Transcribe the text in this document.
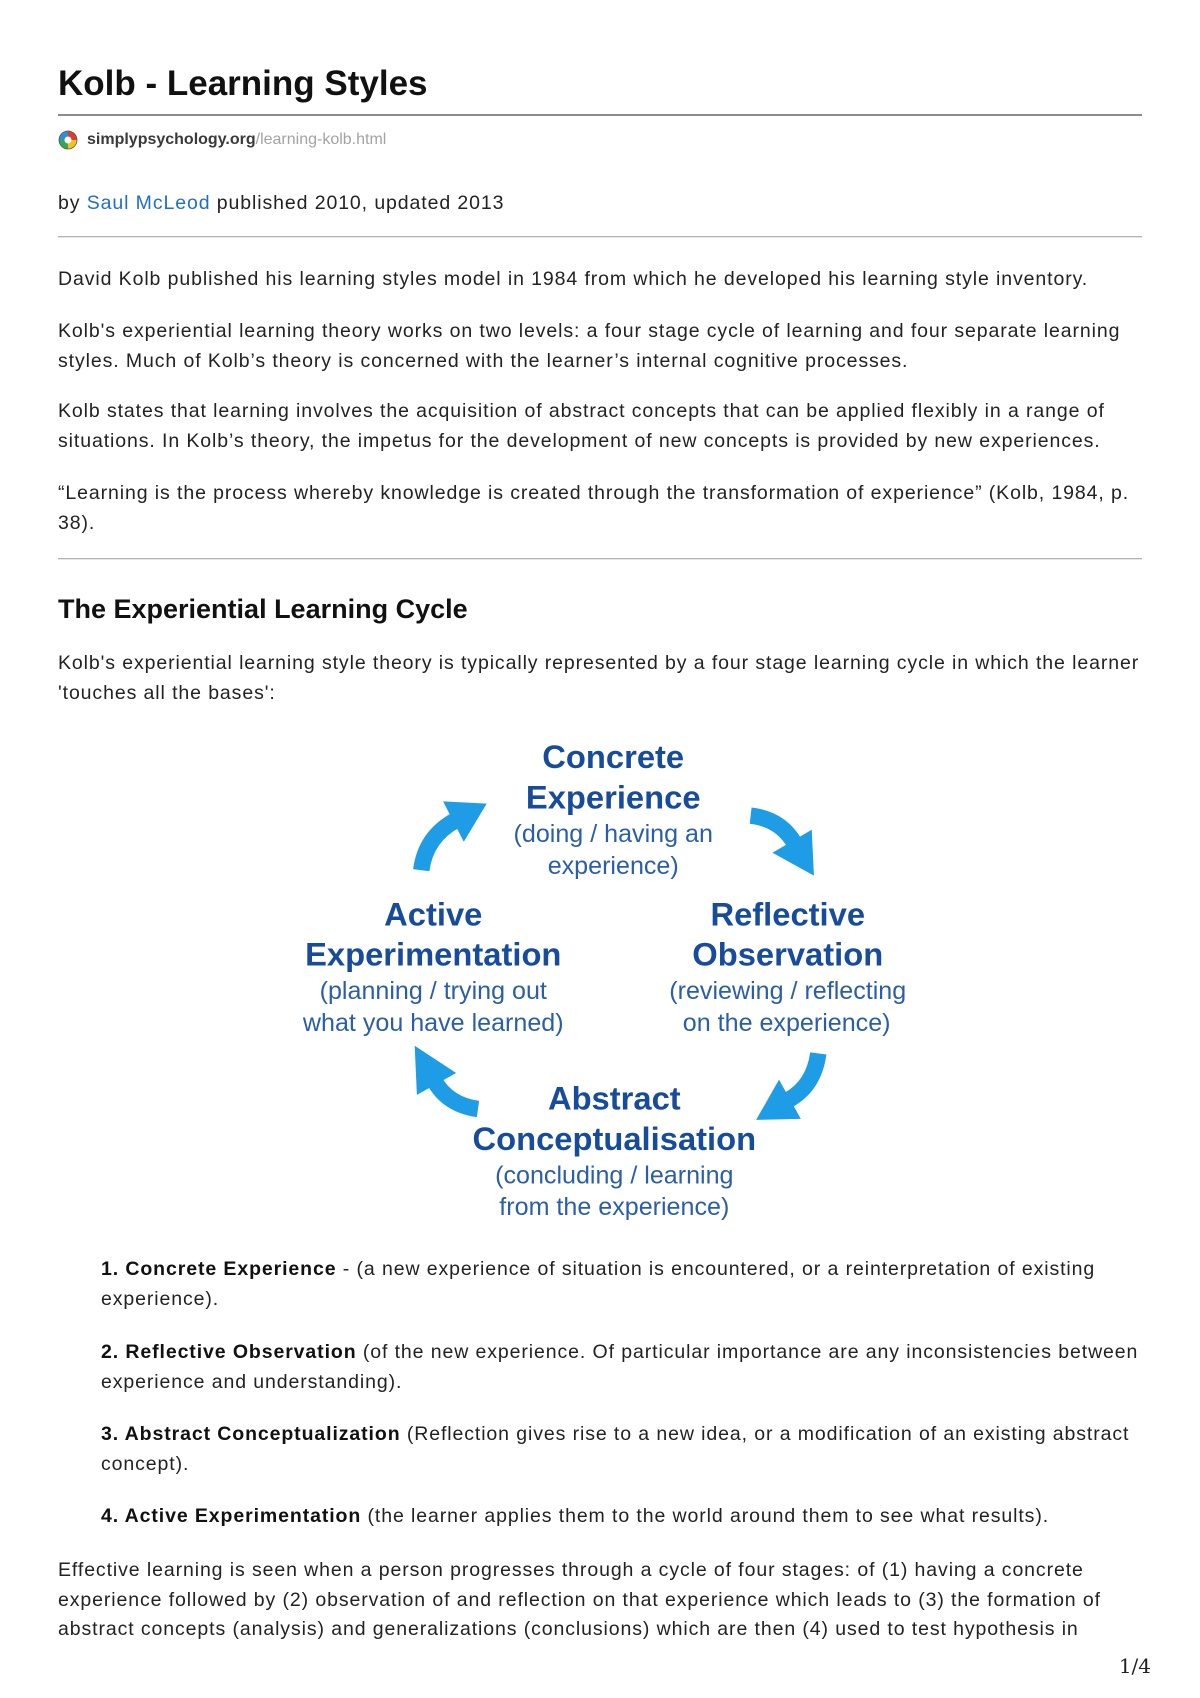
Kolb - Learning Styles
simplypsychology.org /learning-kolb.html
by Saul McLeod published 2010, updated 2013

David Kolb published his learning styles model in 1984 from which he developed his learning style inventory.

Kolb's experiential learning theory works on two levels: a four stage cycle of learning and four separate learning styles. Much of Kolb’s theory is concerned with the learner’s internal cognitive processes.

Kolb states that learning involves the acquisition of abstract concepts that can be applied flexibly in a range of situations. In Kolb’s theory, the impetus for the development of new concepts is provided by new experiences.

“Learning is the process whereby knowledge is created through the transformation of experience” (Kolb, 1984, p. 38).

The Experiential Learning Cycle

Kolb's experiential learning style theory is typically represented by a four stage learning cycle in which the learner 'touches all the bases':

Concrete
Experience
(doing / having an
experience)
Reflective
Observation
(reviewing / reflecting
on the experience)
Abstract
Conceptualisation
(concluding / learning
from the experience)
Active
Experimentation
(planning / trying out
what you have learned)

1. Concrete Experience - (a new experience of situation is encountered, or a reinterpretation of existing experience).

2. Reflective Observation (of the new experience. Of particular importance are any inconsistencies between experience and understanding).

3. Abstract Conceptualization (Reflection gives rise to a new idea, or a modification of an existing abstract concept).

4. Active Experimentation (the learner applies them to the world around them to see what results).

Effective learning is seen when a person progresses through a cycle of four stages: of (1) having a concrete experience followed by (2) observation of and reflection on that experience which leads to (3) the formation of abstract concepts (analysis) and generalizations (conclusions) which are then (4) used to test hypothesis in

1/4
